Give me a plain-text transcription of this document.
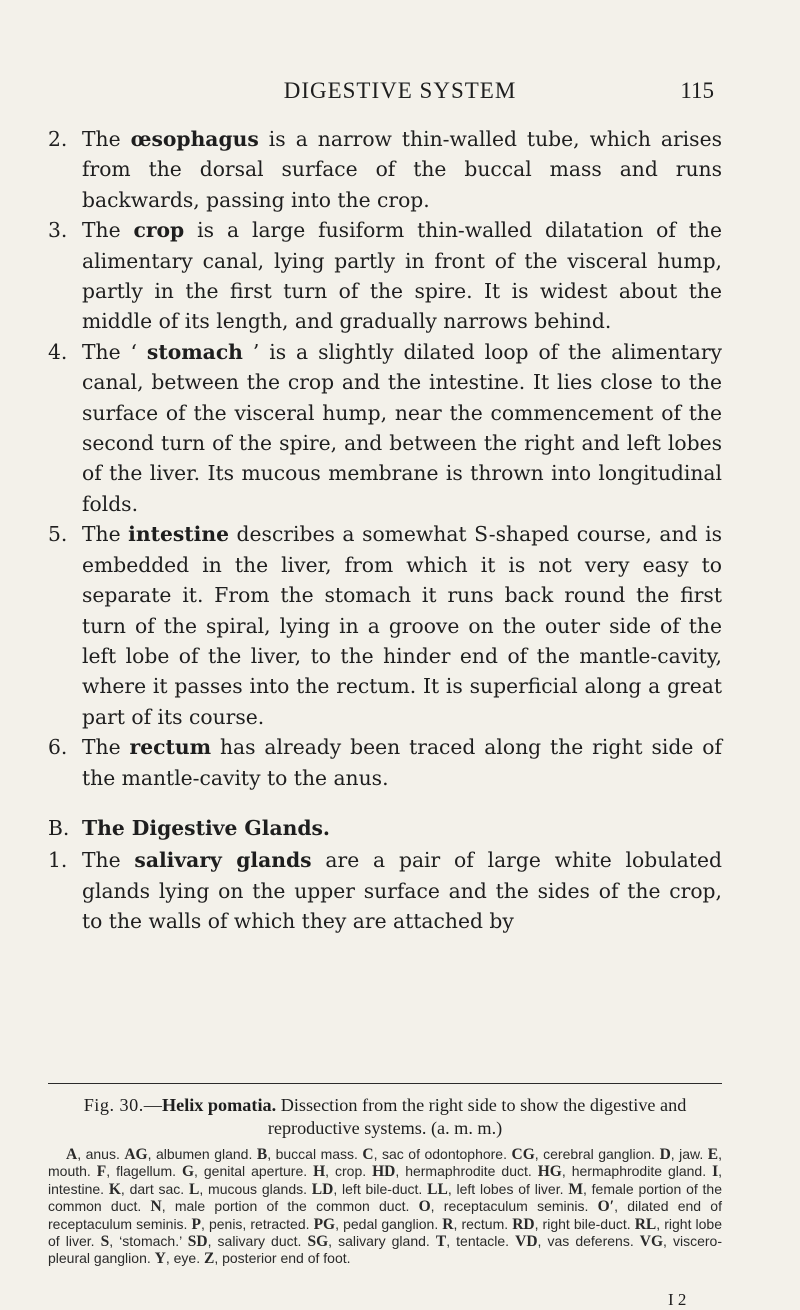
DIGESTIVE SYSTEM	115
2. The œsophagus is a narrow thin-walled tube, which arises from the dorsal surface of the buccal mass and runs backwards, passing into the crop.

3. The crop is a large fusiform thin-walled dilatation of the alimentary canal, lying partly in front of the visceral hump, partly in the first turn of the spire. It is widest about the middle of its length, and gradually narrows behind.

4. The ‘ stomach ’ is a slightly dilated loop of the alimentary canal, between the crop and the intestine. It lies close to the surface of the visceral hump, near the commencement of the second turn of the spire, and between the right and left lobes of the liver. Its mucous membrane is thrown into longitudinal folds.

5. The intestine describes a somewhat S-shaped course, and is embedded in the liver, from which it is not very easy to separate it. From the stomach it runs back round the first turn of the spiral, lying in a groove on the outer side of the left lobe of the liver, to the hinder end of the mantle-cavity, where it passes into the rectum. It is superficial along a great part of its course.

6. The rectum has already been traced along the right side of the mantle-cavity to the anus.

B. The Digestive Glands.
1. The salivary glands are a pair of large white lobulated glands lying on the upper surface and the sides of the crop, to the walls of which they are attached by

Fig. 30.—Helix pomatia. Dissection from the right side to show the digestive and reproductive systems. (a. m. m.)
A, anus. AG, albumen gland. B, buccal mass. C, sac of odontophore. CG, cerebral ganglion. D, jaw. E, mouth. F, flagellum. G, genital aperture. H, crop. HD, hermaphrodite duct. HG, hermaphrodite gland. I, intestine. K, dart sac. L, mucous glands. LD, left bile-duct. LL, left lobes of liver. M, female portion of the common duct. N, male portion of the common duct. O, receptaculum seminis. O′, dilated end of receptaculum seminis. P, penis, retracted. PG, pedal ganglion. R, rectum. RD, right bile-duct. RL, right lobe of liver. S, ‘stomach.’ SD, salivary duct. SG, salivary gland. T, tentacle. VD, vas deferens. VG, viscero-pleural ganglion. Y, eye. Z, posterior end of foot.
I 2
